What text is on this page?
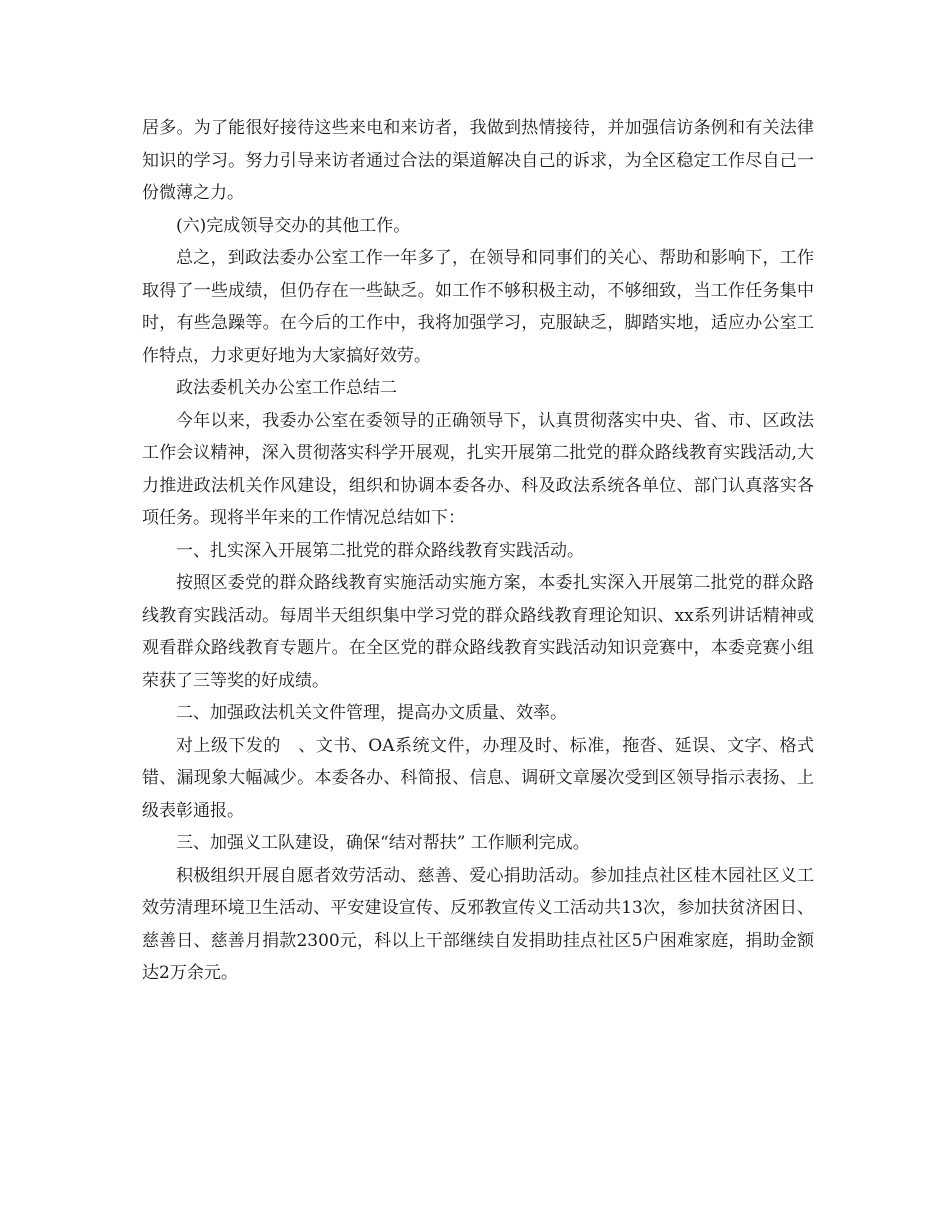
居多。为了能很好接待这些来电和来访者，我做到热情接待，并加强信访条例和有关法律知识的学习。努力引导来访者通过合法的渠道解决自己的诉求，为全区稳定工作尽自己一份微薄之力。

(六)完成领导交办的其他工作。

总之，到政法委办公室工作一年多了，在领导和同事们的关心、帮助和影响下，工作取得了一些成绩，但仍存在一些缺乏。如工作不够积极主动，不够细致，当工作任务集中时，有些急躁等。在今后的工作中，我将加强学习，克服缺乏，脚踏实地，适应办公室工作特点，力求更好地为大家搞好效劳。

政法委机关办公室工作总结二

今年以来，我委办公室在委领导的正确领导下，认真贯彻落实中央、省、市、区政法工作会议精神，深入贯彻落实科学开展观，扎实开展第二批党的群众路线教育实践活动,大力推进政法机关作风建设，组织和协调本委各办、科及政法系统各单位、部门认真落实各项任务。现将半年来的工作情况总结如下：

一、扎实深入开展第二批党的群众路线教育实践活动。

按照区委党的群众路线教育实施活动实施方案，本委扎实深入开展第二批党的群众路线教育实践活动。每周半天组织集中学习党的群众路线教育理论知识、xx系列讲话精神或观看群众路线教育专题片。在全区党的群众路线教育实践活动知识竞赛中，本委竞赛小组荣获了三等奖的好成绩。

二、加强政法机关文件管理，提高办文质量、效率。

对上级下发的　、文书、OA系统文件，办理及时、标准，拖沓、延误、文字、格式错、漏现象大幅减少。本委各办、科简报、信息、调研文章屡次受到区领导指示表扬、上级表彰通报。

三、加强义工队建设，确保“结对帮扶” 工作顺利完成。

积极组织开展自愿者效劳活动、慈善、爱心捐助活动。参加挂点社区桂木园社区义工效劳清理环境卫生活动、平安建设宣传、反邪教宣传义工活动共13次，参加扶贫济困日、慈善日、慈善月捐款2300元，科以上干部继续自发捐助挂点社区5户困难家庭，捐助金额达2万余元。
